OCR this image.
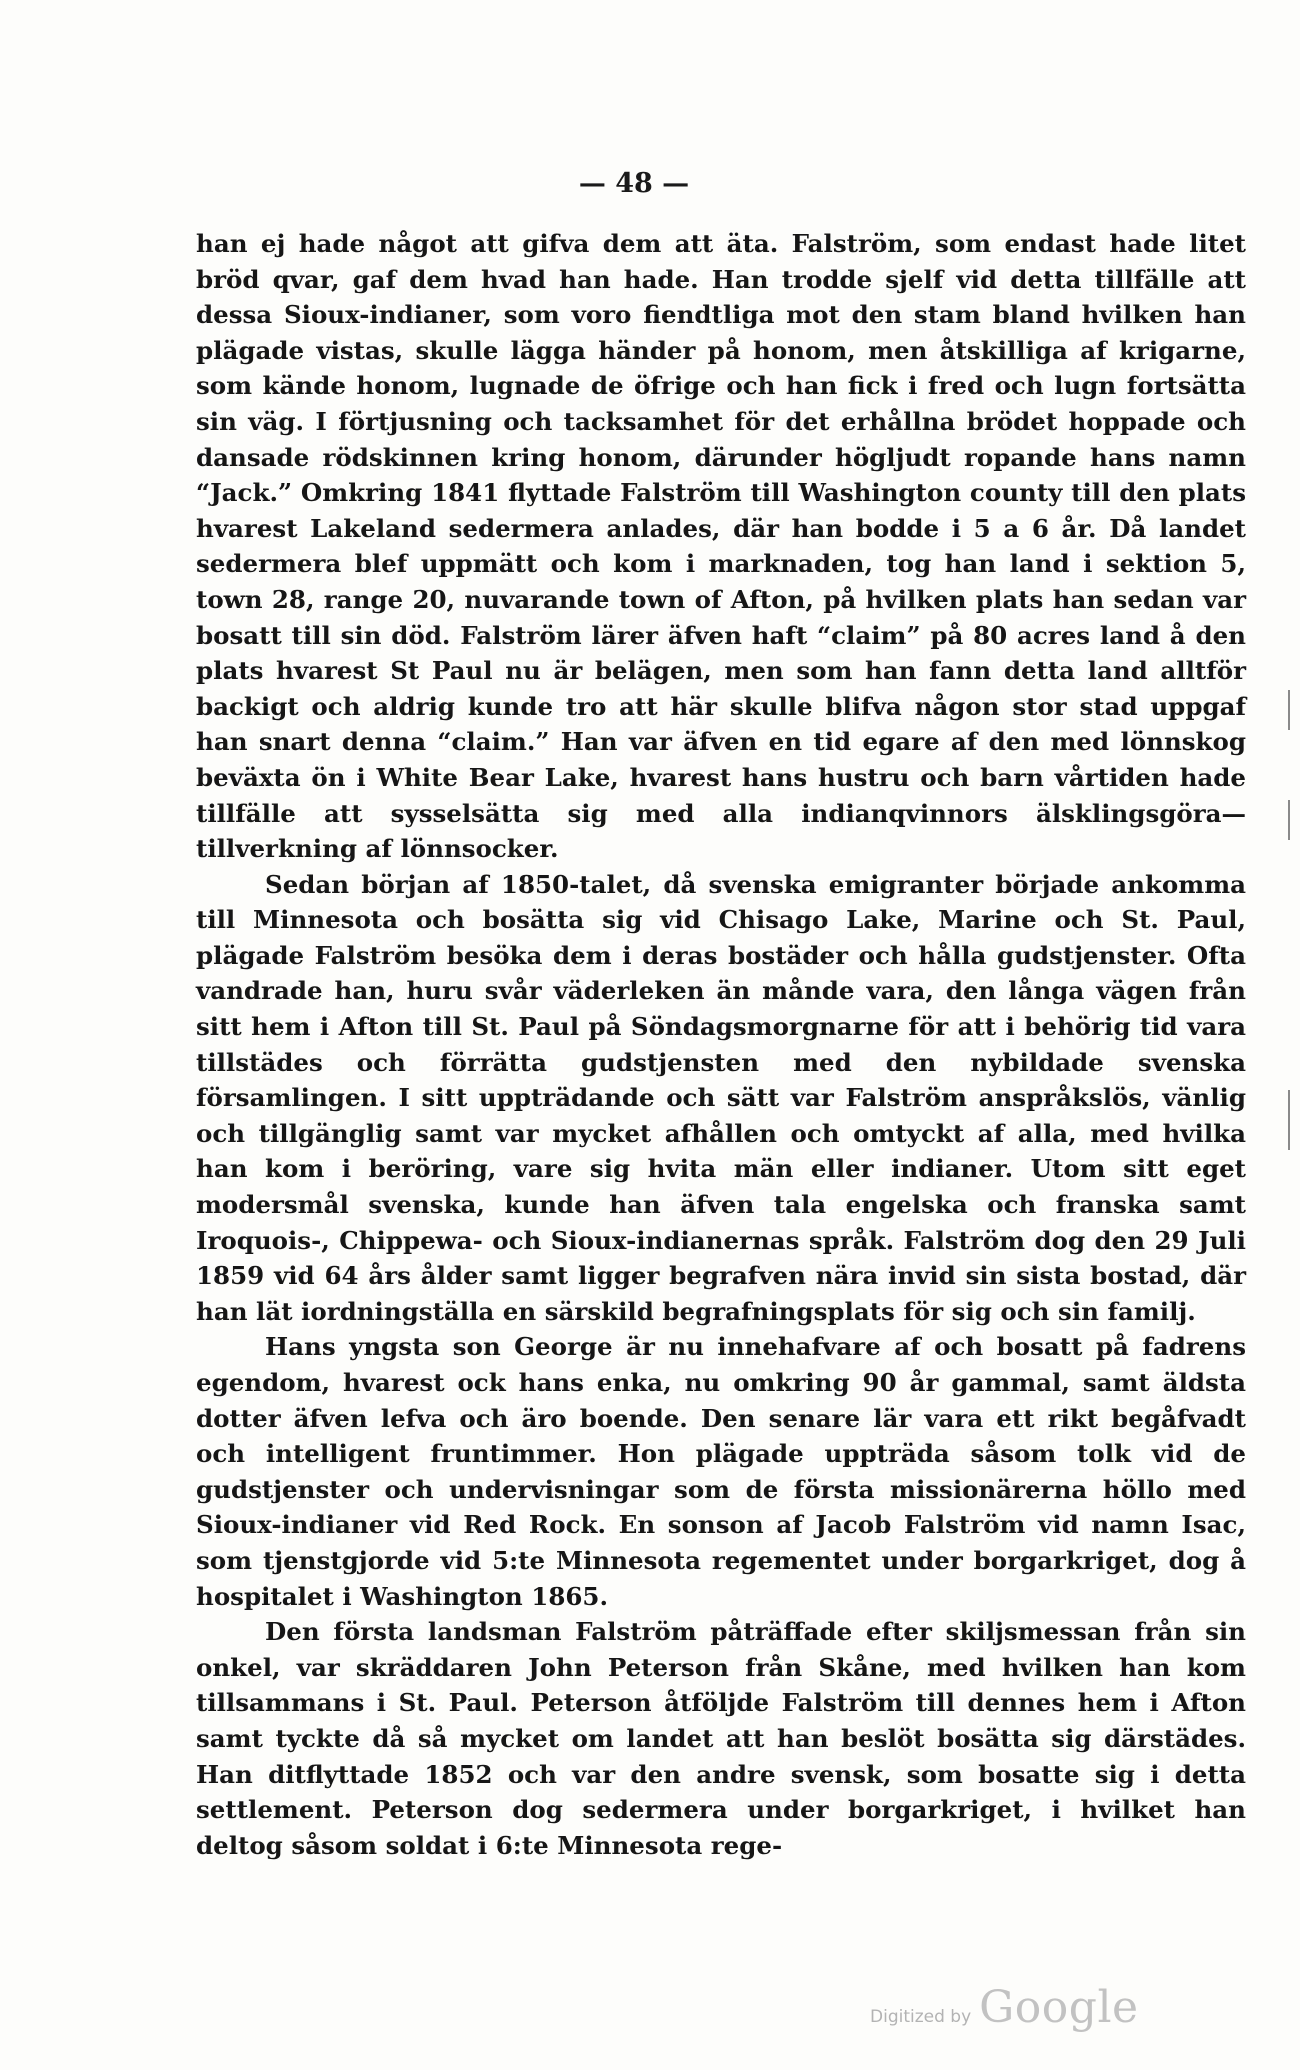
— 48 —

han ej hade något att gifva dem att äta. Falström, som endast hade litet bröd qvar, gaf dem hvad han hade. Han trodde sjelf vid detta tillfälle att dessa Sioux-indianer, som voro fiendtliga mot den stam bland hvilken han plägade vistas, skulle lägga händer på honom, men åtskilliga af krigarne, som kände honom, lugnade de öfrige och han fick i fred och lugn fortsätta sin väg. I förtjusning och tacksamhet för det erhållna brödet hoppade och dansade rödskinnen kring honom, därunder högljudt ropande hans namn “Jack.” Omkring 1841 flyttade Falström till Washington county till den plats hvarest Lakeland sedermera anlades, där han bodde i 5 a 6 år. Då landet sedermera blef uppmätt och kom i marknaden, tog han land i sektion 5, town 28, range 20, nuvarande town of Afton, på hvilken plats han sedan var bosatt till sin död. Falström lärer äfven haft “claim” på 80 acres land å den plats hvarest St Paul nu är belägen, men som han fann detta land alltför backigt och aldrig kunde tro att här skulle blifva någon stor stad uppgaf han snart denna “claim.” Han var äfven en tid egare af den med lönnskog beväxta ön i White Bear Lake, hvarest hans hustru och barn vårtiden hade tillfälle att sysselsätta sig med alla indianqvinnors älsklingsgöra—tillverkning af lönnsocker.

Sedan början af 1850-talet, då svenska emigranter började ankomma till Minnesota och bosätta sig vid Chisago Lake, Marine och St. Paul, plägade Falström besöka dem i deras bostäder och hålla gudstjenster. Ofta vandrade han, huru svår väderleken än månde vara, den långa vägen från sitt hem i Afton till St. Paul på Söndagsmorgnarne för att i behörig tid vara tillstädes och förrätta gudstjensten med den nybildade svenska församlingen. I sitt uppträdande och sätt var Falström anspråkslös, vänlig och tillgänglig samt var mycket afhållen och omtyckt af alla, med hvilka han kom i beröring, vare sig hvita män eller indianer. Utom sitt eget modersmål svenska, kunde han äfven tala engelska och franska samt Iroquois-, Chippewa- och Sioux-indianernas språk. Falström dog den 29 Juli 1859 vid 64 års ålder samt ligger begrafven nära invid sin sista bostad, där han lät iordningställa en särskild begrafningsplats för sig och sin familj.

Hans yngsta son George är nu innehafvare af och bosatt på fadrens egendom, hvarest ock hans enka, nu omkring 90 år gammal, samt äldsta dotter äfven lefva och äro boende. Den senare lär vara ett rikt begåfvadt och intelligent fruntimmer. Hon plägade uppträda såsom tolk vid de gudstjenster och undervisningar som de första missionärerna höllo med Sioux-indianer vid Red Rock. En sonson af Jacob Falström vid namn Isac, som tjenstgjorde vid 5:te Minnesota regementet under borgarkriget, dog å hospitalet i Washington 1865.

Den första landsman Falström påträffade efter skiljsmessan från sin onkel, var skräddaren John Peterson från Skåne, med hvilken han kom tillsammans i St. Paul. Peterson åtföljde Falström till dennes hem i Afton samt tyckte då så mycket om landet att han beslöt bosätta sig därstädes. Han ditflyttade 1852 och var den andre svensk, som bosatte sig i detta settlement. Peterson dog sedermera under borgarkriget, i hvilket han deltog såsom soldat i 6:te Minnesota rege-

Digitized by Google
